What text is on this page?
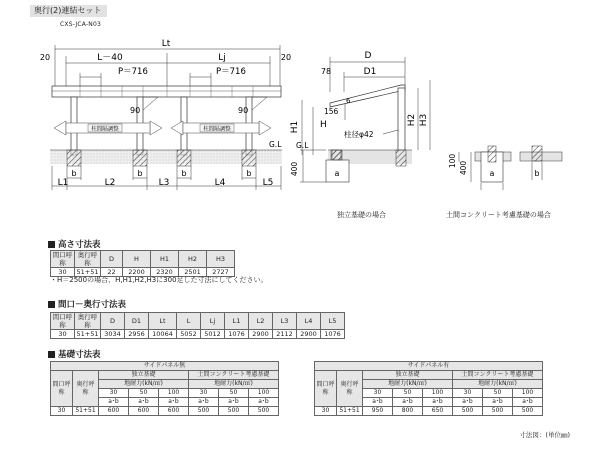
奥行(2)連結セット
CXS-JCA-N03
Lt
L－40	Lj
20	20
P＝716	P＝716
90	90
柱間隔調整	柱間隔調整
G.L
b	b	b	b
L1	L2	L3	L4	L5
D
D1
78
6
156
H
H1
H2 H3
柱径φ42
G.L
400	a
100 400	a	b
独立基礎の場合	土間コンクリート考慮基礎の場合
高さ寸法表
間口呼称	奥行呼称	D	H	H1	H2	H3
30	51+51	22	2200	2320	2501	2727
・H＝2500の場合、H,H1,H2,H3に300足した寸法にしてください。
間口－奥行寸法表
間口呼称	奥行呼称	D	D1	Lt	L	Lj	L1	L2	L3	L4	L5
30	51+51	3034	2956	10064	5052	5012	1076	2900	2112	2900	1076
基礎寸法表
サイドパネル無							
間口呼称	奥行呼称	独立基礎			土間コンクリート考慮基礎		
		地耐力(kN/㎡)			地耐力(kN/㎡)		
		30	50	100	30	50	100
		a･b	a･b	a･b	a･b	a･b	a･b
30	51+51	600	600	600	500	500	500
サイドパネル有							
間口呼称	奥行呼称	独立基礎			土間コンクリート考慮基礎		
		地耐力(kN/㎡)			地耐力(kN/㎡)		
		30	50	100	30	50	100
		a･b	a･b	a･b	a･b	a･b	a･b
30	51+51	950	800	650	500	500	500
寸法図：(単位㎜)
